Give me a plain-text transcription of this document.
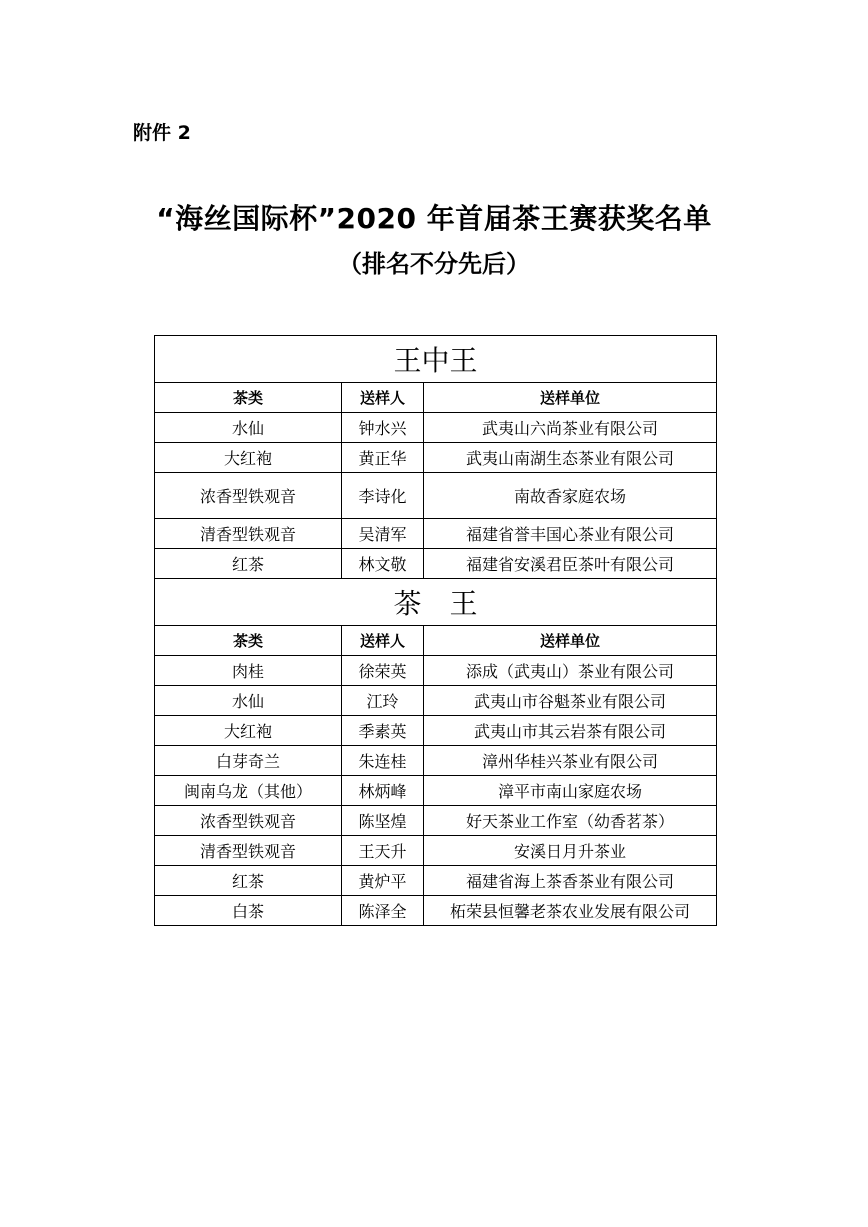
附件 2
“海丝国际杯”2020 年首届茶王赛获奖名单
（排名不分先后）
王中王		
茶类	送样人	送样单位
水仙	钟水兴	武夷山六尚茶业有限公司
大红袍	黄正华	武夷山南湖生态茶业有限公司
浓香型铁观音	李诗化	南故香家庭农场
清香型铁观音	吴清军	福建省誉丰国心茶业有限公司
红茶	林文敬	福建省安溪君臣茶叶有限公司
茶　王		
茶类	送样人	送样单位
肉桂	徐荣英	添成（武夷山）茶业有限公司
水仙	江玲	武夷山市谷魁茶业有限公司
大红袍	季素英	武夷山市其云岩茶有限公司
白芽奇兰	朱连桂	漳州华桂兴茶业有限公司
闽南乌龙（其他）	林炳峰	漳平市南山家庭农场
浓香型铁观音	陈坚煌	好天茶业工作室（幼香茗茶）
清香型铁观音	王天升	安溪日月升茶业
红茶	黄炉平	福建省海上茶香茶业有限公司
白茶	陈泽全	柘荣县恒馨老茶农业发展有限公司
